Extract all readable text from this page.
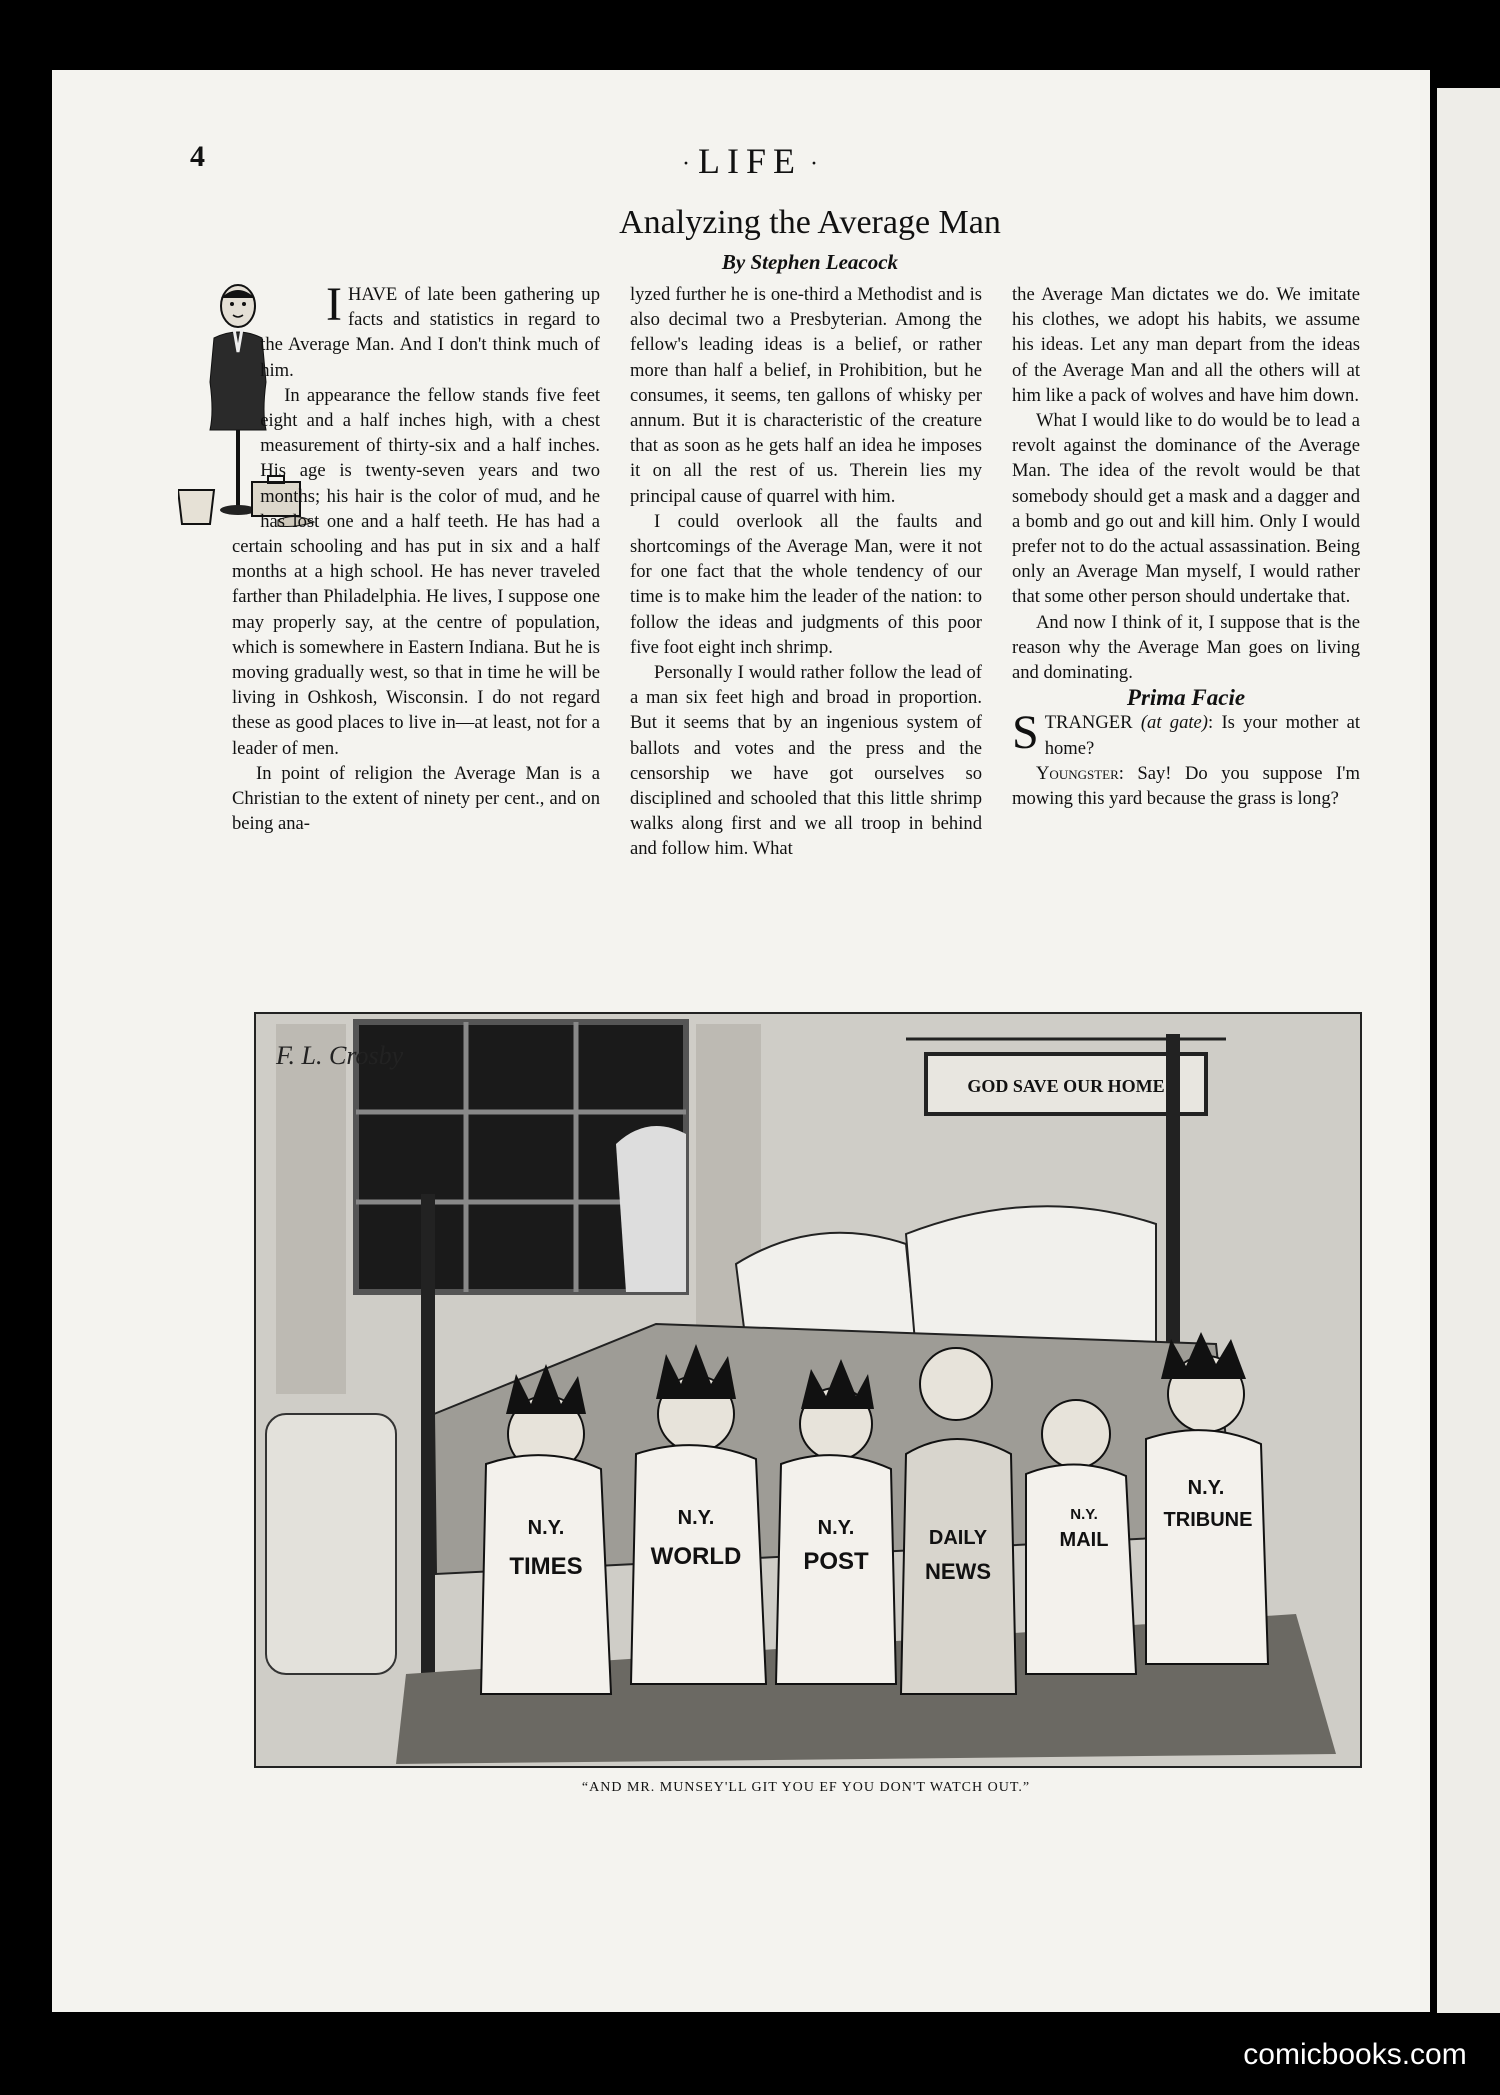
4	· LIFE ·
Analyzing the Average Man
By Stephen Leacock

IHAVE of late been gathering up facts and statistics in regard to the Average Man. And I don't think much of him.

In appearance the fellow stands five feet eight and a half inches high, with a chest measurement of thirty-six and a half inches. His age is twenty-seven years and two months; his hair is the color of mud, and he has lost one and a half teeth. He has had a certain schooling and has put in six and a half months at a high school. He has never traveled farther than Philadelphia. He lives, I suppose one may properly say, at the centre of population, which is somewhere in Eastern Indiana. But he is moving gradually west, so that in time he will be living in Oshkosh, Wisconsin. I do not regard these as good places to live in—at least, not for a leader of men.

In point of religion the Average Man is a Christian to the extent of ninety per cent., and on being ana-

lyzed further he is one-third a Methodist and is also decimal two a Presbyterian. Among the fellow's leading ideas is a belief, or rather more than half a belief, in Prohibition, but he consumes, it seems, ten gallons of whisky per annum. But it is characteristic of the creature that as soon as he gets half an idea he imposes it on all the rest of us. Therein lies my principal cause of quarrel with him.

I could overlook all the faults and shortcomings of the Average Man, were it not for one fact that the whole tendency of our time is to make him the leader of the nation: to follow the ideas and judgments of this poor five foot eight inch shrimp.

Personally I would rather follow the lead of a man six feet high and broad in proportion. But it seems that by an ingenious system of ballots and votes and the press and the censorship we have got ourselves so disciplined and schooled that this little shrimp walks along first and we all troop in behind and follow him. What

the Average Man dictates we do. We imitate his clothes, we adopt his habits, we assume his ideas. Let any man depart from the ideas of the Average Man and all the others will at him like a pack of wolves and have him down.

What I would like to do would be to lead a revolt against the dominance of the Average Man. The idea of the revolt would be that somebody should get a mask and a dagger and a bomb and go out and kill him. Only I would prefer not to do the actual assassination. Being only an Average Man myself, I would rather that some other person should undertake that.

And now I think of it, I suppose that is the reason why the Average Man goes on living and dominating.

Prima Facie

STRANGER (at gate): Is your mother at home?

Youngster: Say! Do you suppose I'm mowing this yard because the grass is long?

F. L. Crosby
GOD SAVE OUR HOME
N.Y.
TIMES
N.Y.
WORLD
N.Y.
POST
DAILY
NEWS
N.Y.
MAIL
N.Y.
TRIBUNE
“AND MR. MUNSEY'LL GIT YOU EF YOU DON'T WATCH OUT.”
comicbooks.com
